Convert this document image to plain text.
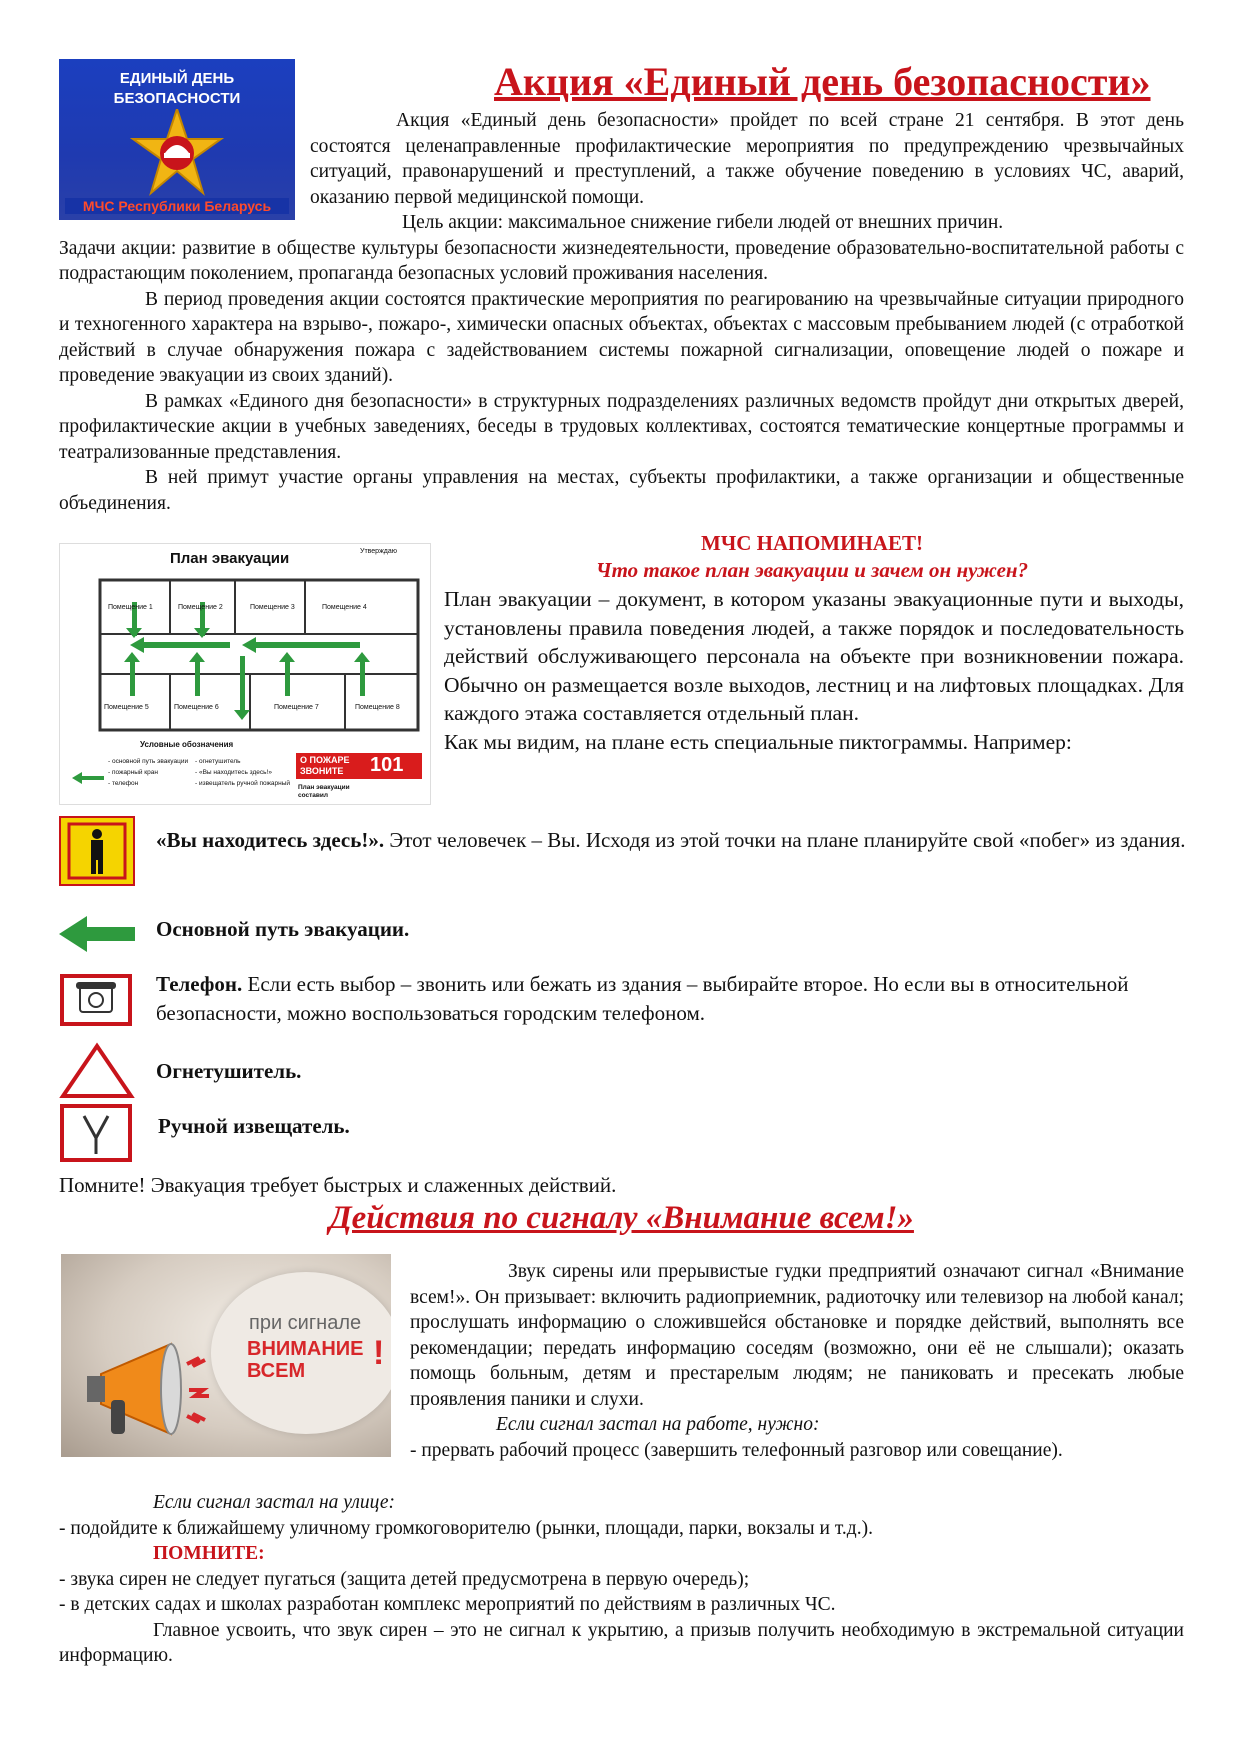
ЕДИНЫЙ ДЕНЬ
БЕЗОПАСНОСТИ
МЧС Республики Беларусь
Акция «Единый день безопасности»

Акция «Единый день безопасности» пройдет по всей стране 21 сентября. В этот день состоятся целенаправленные профилактические мероприятия по предупреждению чрезвычайных ситуаций, правонарушений и преступлений, а также обучение поведению в условиях ЧС, аварий, оказанию первой медицинской помощи.

Цель акции: максимальное снижение гибели людей от внешних причин.

Задачи акции: развитие в обществе культуры безопасности жизнедеятельности, проведение образовательно-воспитательной работы с подрастающим поколением, пропаганда безопасных условий проживания населения.

В период проведения акции состоятся практические мероприятия по реагированию на чрезвычайные ситуации природного и техногенного характера на взрыво-, пожаро-, химически опасных объектах, объектах с массовым пребыванием людей (с отработкой действий в случае обнаружения пожара с задействованием системы пожарной сигнализации, оповещение людей о пожаре и проведение эвакуации из своих зданий).

В рамках «Единого дня безопасности» в структурных подразделениях различных ведомств пройдут дни открытых дверей, профилактические акции в учебных заведениях, беседы в трудовых коллективах, состоятся тематические концертные программы и театрализованные представления.

В ней примут участие органы управления на местах, субъекты профилактики, а также организации и общественные объединения.

План эвакуации	Утверждаю
Помещение 1	Помещение 2	Помещение 3	Помещение 4
Помещение 5	Помещение 6	Помещение 7	Помещение 8
Условные обозначения
- основной путь эвакуации
- пожарный кран
- телефон
- огнетушитель
- «Вы находитесь здесь!»
- извещатель ручной пожарный
О ПОЖАРЕ ЗВОНИТЕ	101
План эвакуации составил
МЧС НАПОМИНАЕТ!
Что такое план эвакуации и зачем он нужен?

План эвакуации – документ, в котором указаны эвакуационные пути и выходы, установлены правила поведения людей, а также порядок и последовательность действий обслуживающего персонала на объекте при возникновении пожара. Обычно он размещается возле выходов, лестниц и на лифтовых площадках. Для каждого этажа составляется отдельный план.

Как мы видим, на плане есть специальные пиктограммы. Например:

«Вы находитесь здесь!». Этот человечек – Вы. Исходя из этой точки на плане планируйте свой «побег» из здания.

Основной путь эвакуации.

Телефон. Если есть выбор – звонить или бежать из здания – выбирайте второе. Но если вы в относительной безопасности, можно воспользоваться городским телефоном.

Огнетушитель.
Ручной извещатель.
Помните! Эвакуация требует быстрых и слаженных действий.
Действия по сигналу «Внимание всем!»
при сигнале
ВНИМАНИЕ
ВСЕМ	!

Звук сирены или прерывистые гудки предприятий означают сигнал «Внимание всем!». Он призывает: включить радиоприемник, радиоточку или телевизор на любой канал; прослушать информацию о сложившейся обстановке и порядке действий, выполнять все рекомендации; передать информацию соседям (возможно, они её не слышали); оказать помощь больным, детям и престарелым людям; не паниковать и пресекать любые проявления паники и слухи.

Если сигнал застал на работе, нужно:

- прервать рабочий процесс (завершить телефонный разговор или совещание).

Если сигнал застал на улице:

- подойдите к ближайшему уличному громкоговорителю (рынки, площади, парки, вокзалы и т.д.).

ПОМНИТЕ:

- звука сирен не следует пугаться (защита детей предусмотрена в первую очередь);

- в детских садах и школах разработан комплекс мероприятий по действиям в различных ЧС.

Главное усвоить, что звук сирен – это не сигнал к укрытию, а призыв получить необходимую в экстремальной ситуации информацию.
